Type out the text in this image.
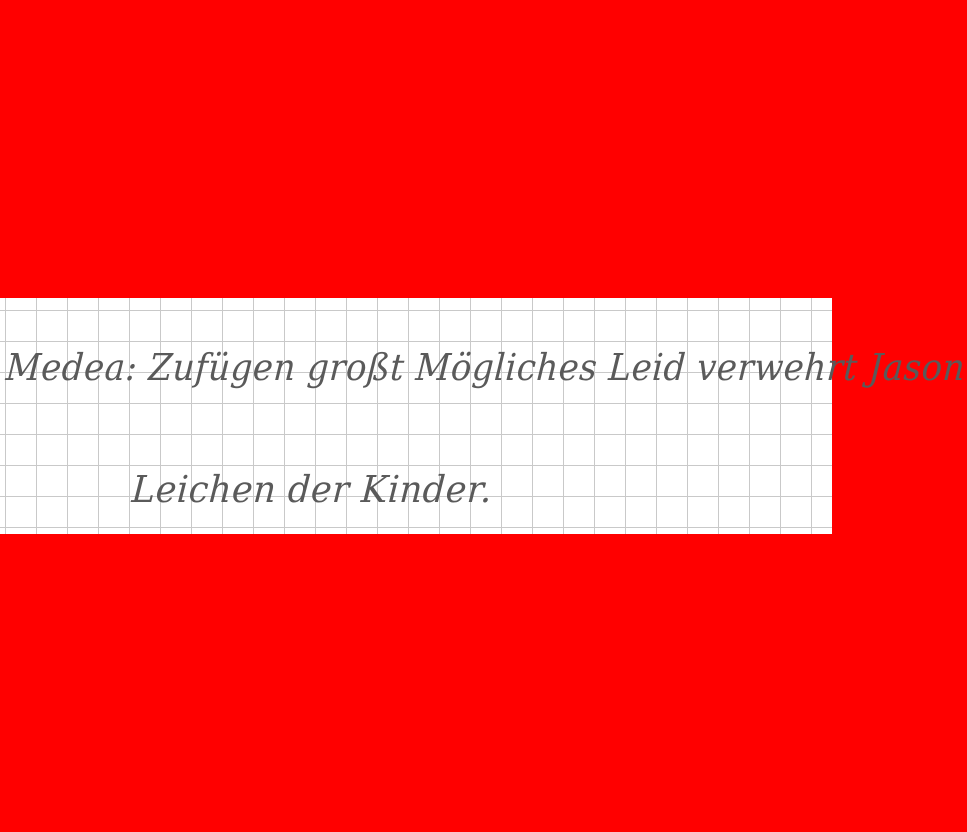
Medea: Zufügen großt Mögliches Leid verwehrt Jason
Leichen der Kinder.
